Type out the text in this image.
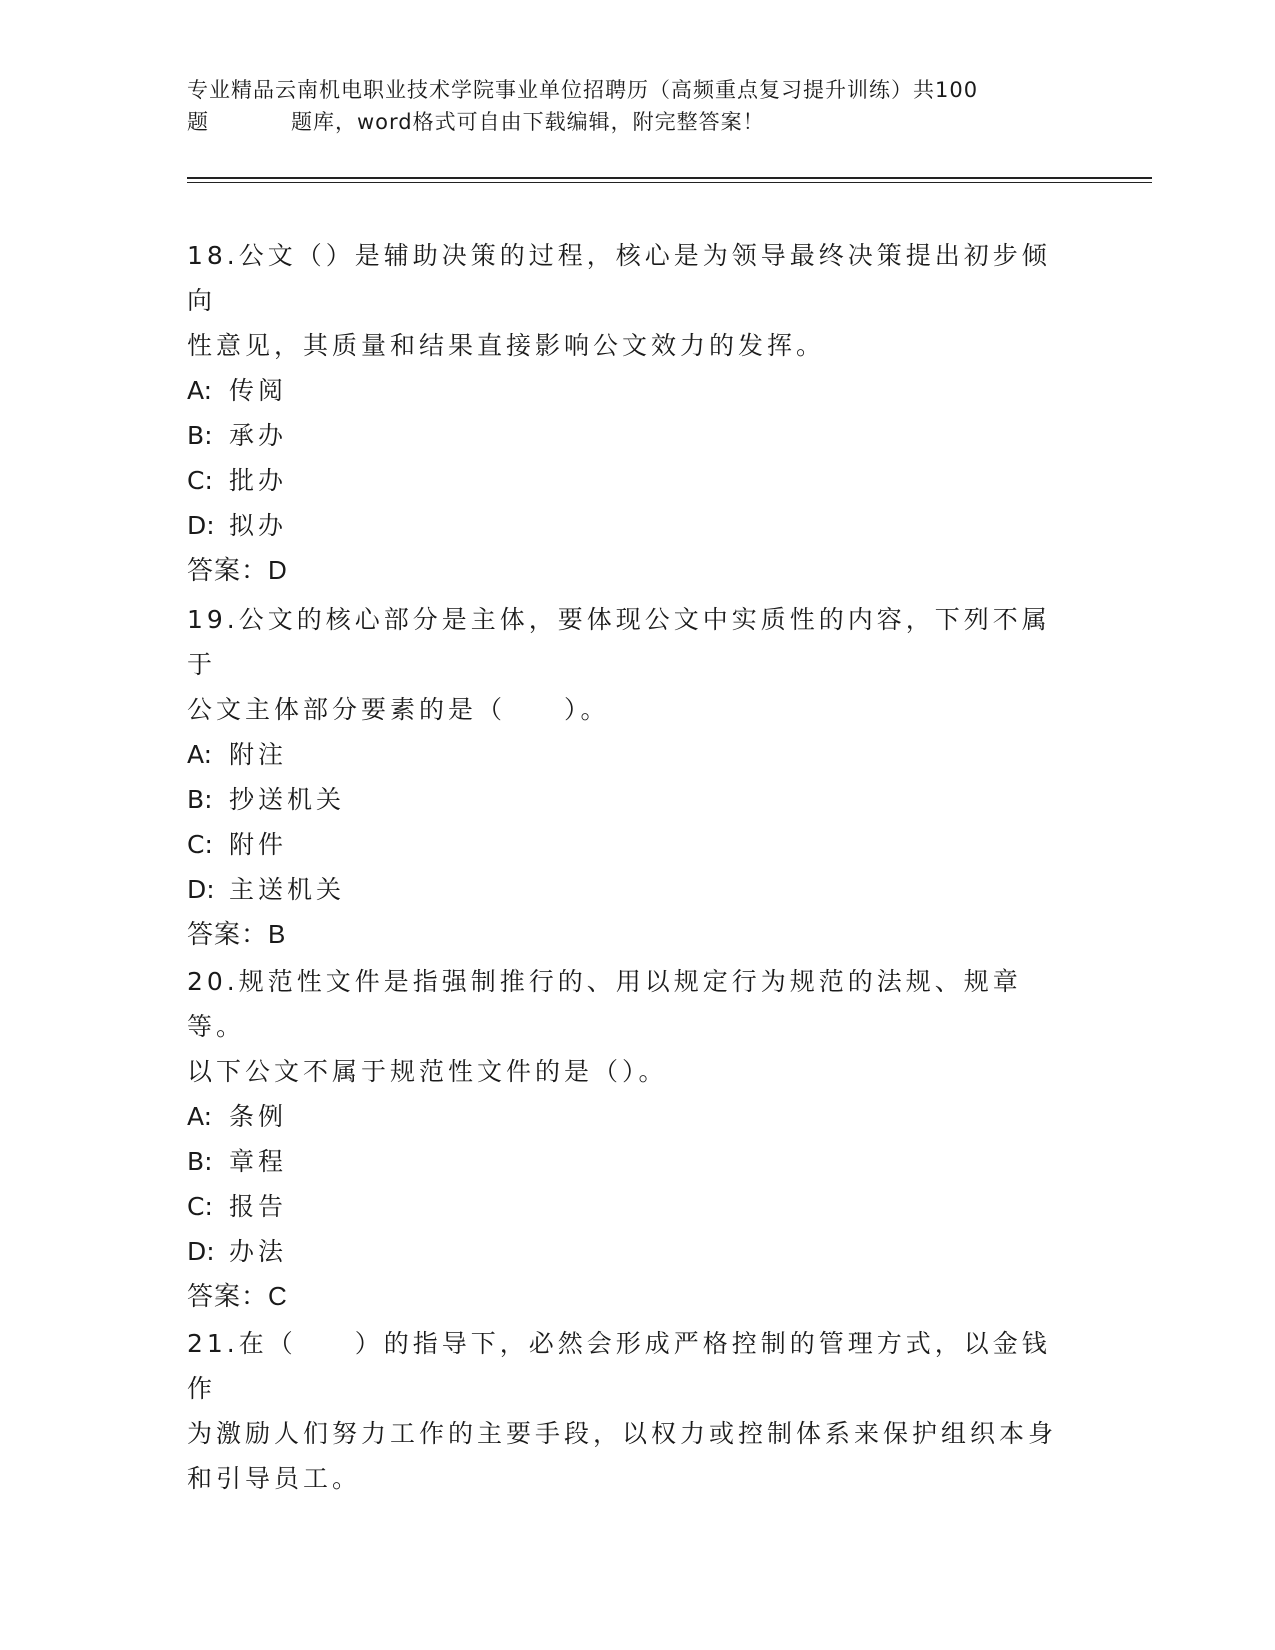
专业精品云南机电职业技术学院事业单位招聘历（高频重点复习提升训练）共100
题	题库，word格式可自由下载编辑，附完整答案！

18.公文（）是辅助决策的过程，核心是为领导最终决策提出初步倾向

性意见，其质量和结果直接影响公文效力的发挥。

A: 传阅

B: 承办

C: 批办

D: 拟办

答案：D

19.公文的核心部分是主体，要体现公文中实质性的内容，下列不属于

公文主体部分要素的是（　　）。

A: 附注

B: 抄送机关

C: 附件

D: 主送机关

答案：B

20.规范性文件是指强制推行的、用以规定行为规范的法规、规章等。

以下公文不属于规范性文件的是（）。

A: 条例

B: 章程

C: 报告

D: 办法

答案：C

21.在（　　）的指导下，必然会形成严格控制的管理方式，以金钱作

为激励人们努力工作的主要手段，以权力或控制体系来保护组织本身

和引导员工。
